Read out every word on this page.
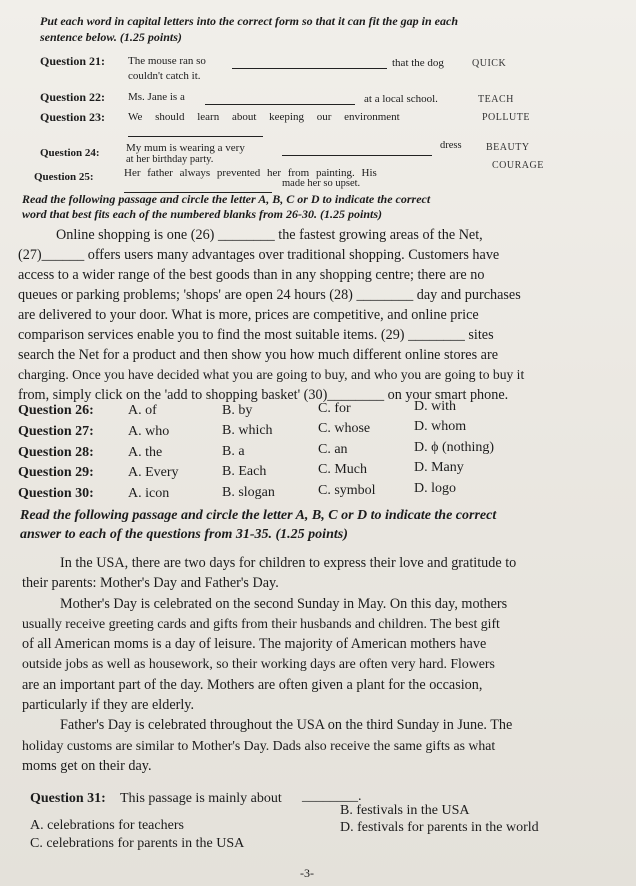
Put each word in capital letters into the correct form so that it can fit the gap in each
sentence below. (1.25 points)
Question 21: The mouse ran so	that the dog	QUICK
couldn't catch it.
Question 22: Ms. Jane is a	at a local school.	TEACH
Question 23: We should learn about keeping our environment	POLLUTE
Question 24: My mum is wearing a very	dress BEAUTY
at her birthday party.
Question 25:	Her father always prevented her from painting. His
COURAGE
made her so upset.
Read the following passage and circle the letter A, B, C or D to indicate the correct
word that best fits each of the numbered blanks from 26-30. (1.25 points)
Online shopping is one (26) ________ the fastest growing areas of the Net,
(27)______ offers users many advantages over traditional shopping. Customers have
access to a wider range of the best goods than in any shopping centre; there are no
queues or parking problems; 'shops' are open 24 hours (28) ________ day and purchases
are delivered to your door. What is more, prices are competitive, and online price
comparison services enable you to find the most suitable items. (29) ________ sites
search the Net for a product and then show you how much different online stores are
charging. Once you have decided what you are going to buy, and who you are going to buy it
from, simply click on the 'add to shopping basket' (30)________ on your smart phone.
Question 26: A. of	B. by	C. for	D. with
Question 27: A. who	B. which	C. whose	D. whom
Question 28: A. the	B. a	C. an	D. ϕ (nothing)
Question 29: A. Every	B. Each	C. Much	D. Many
Question 30: A. icon	B. slogan	C. symbol	D. logo
Read the following passage and circle the letter A, B, C or D to indicate the correct
answer to each of the questions from 31-35. (1.25 points)
In the USA, there are two days for children to express their love and gratitude to
their parents: Mother's Day and Father's Day.
Mother's Day is celebrated on the second Sunday in May. On this day, mothers
usually receive greeting cards and gifts from their husbands and children. The best gift
of all American moms is a day of leisure. The majority of American mothers have
outside jobs as well as housework, so their working days are often very hard. Flowers
are an important part of the day. Mothers are often given a plant for the occasion,
particularly if they are elderly.
Father's Day is celebrated throughout the USA on the third Sunday in June. The
holiday customs are similar to Mother's Day. Dads also receive the same gifts as what
moms get on their day.
Question 31: This passage is mainly about ________.
B. festivals in the USA
A. celebrations for teachers	D. festivals for parents in the world
C. celebrations for parents in the USA
-3-
